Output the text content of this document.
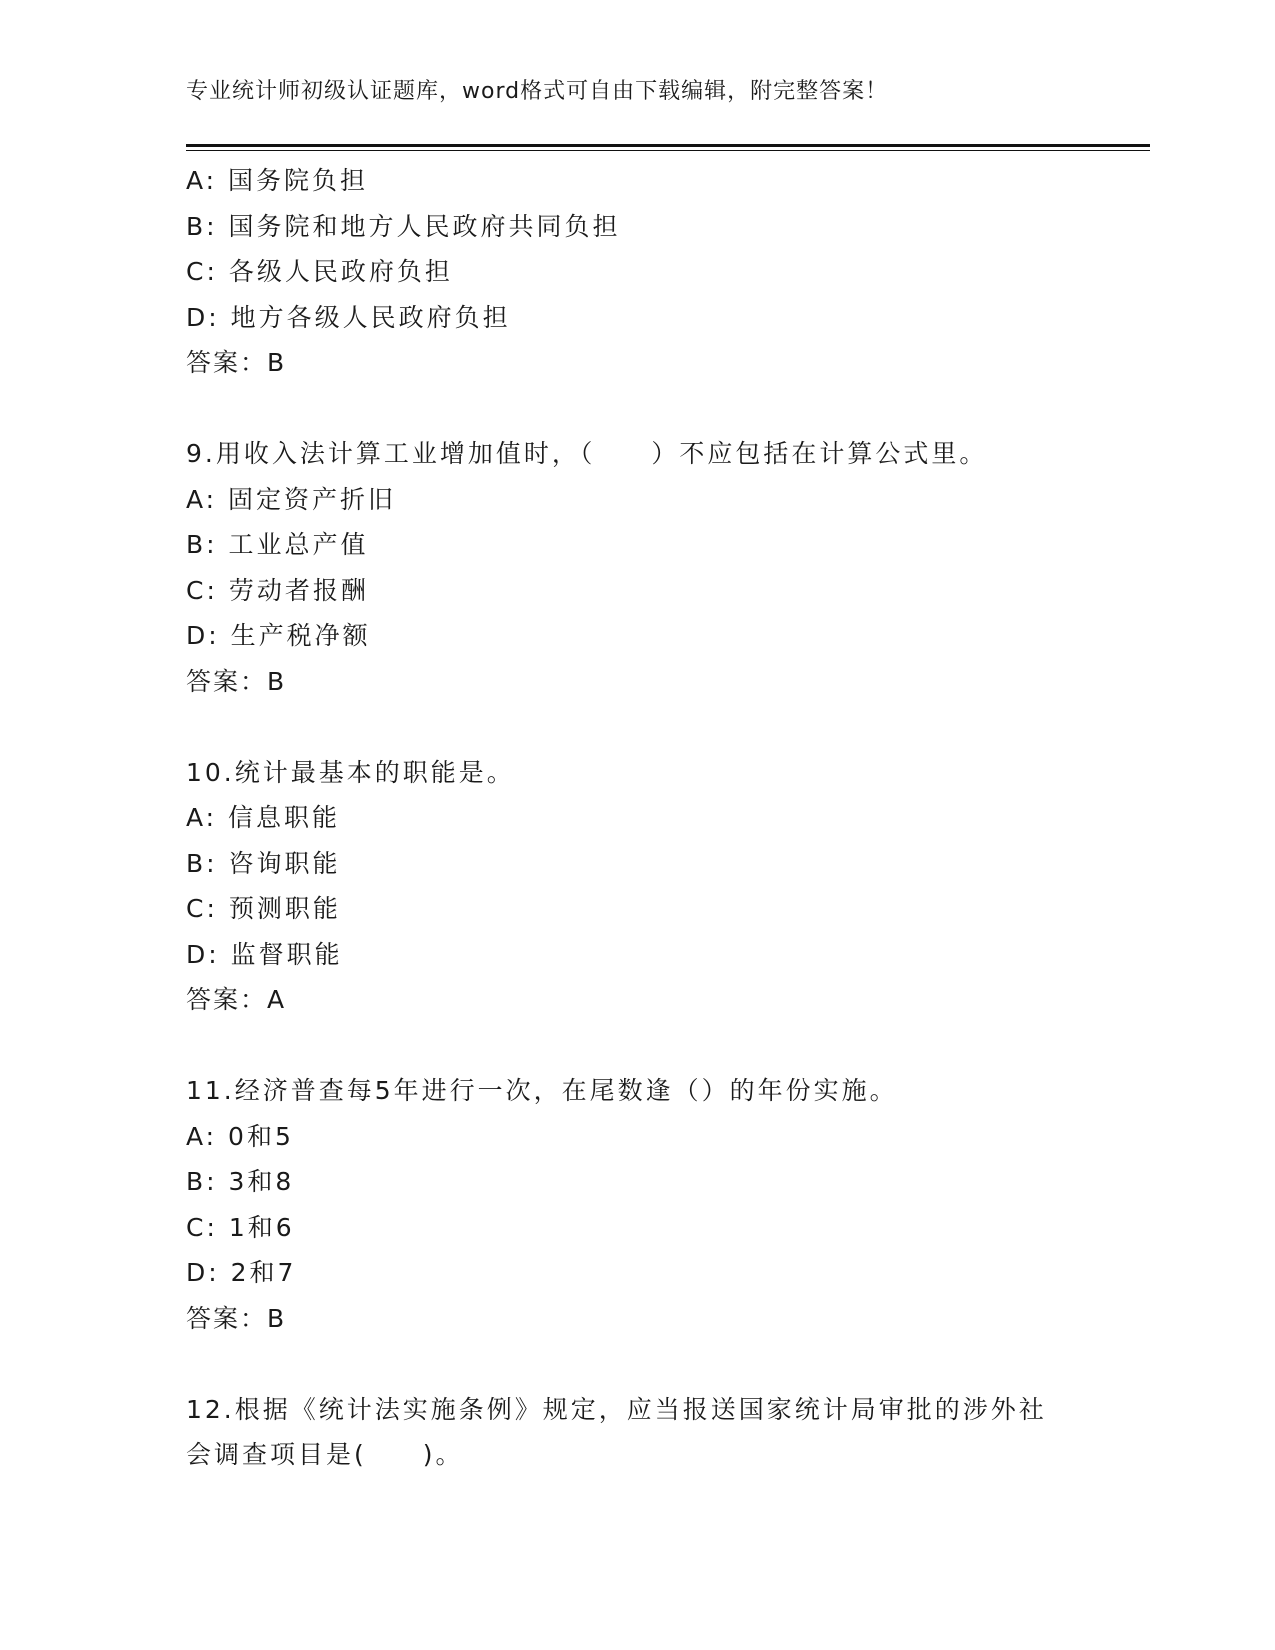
专业统计师初级认证题库，word格式可自由下载编辑，附完整答案！
A: 国务院负担
B: 国务院和地方人民政府共同负担
C: 各级人民政府负担
D: 地方各级人民政府负担
答案：B
9.用收入法计算工业增加值时，（　　）不应包括在计算公式里。
A: 固定资产折旧
B: 工业总产值
C: 劳动者报酬
D: 生产税净额
答案：B
10.统计最基本的职能是。
A: 信息职能
B: 咨询职能
C: 预测职能
D: 监督职能
答案：A
11.经济普查每5年进行一次，在尾数逢（）的年份实施。
A: 0和5
B: 3和8
C: 1和6
D: 2和7
答案：B
12.根据《统计法实施条例》规定，应当报送国家统计局审批的涉外社
会调查项目是(　　)。
